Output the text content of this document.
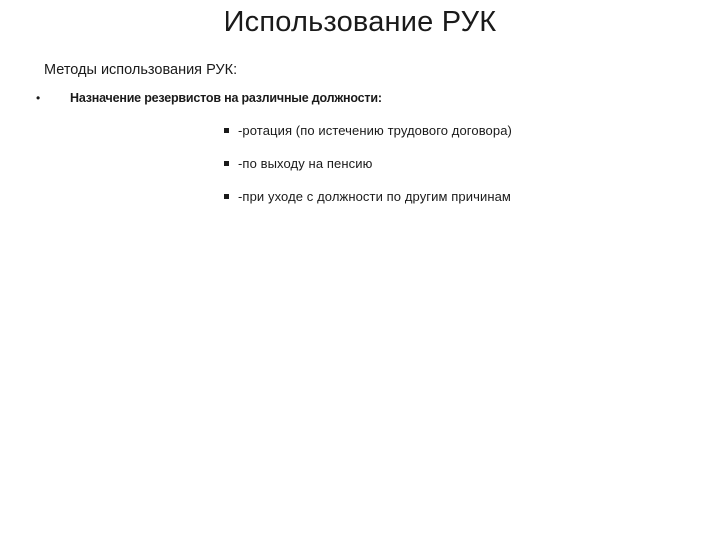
Использование РУК

Методы использования РУК:

•	Назначение резервистов на различные должности:
-ротация (по истечению трудового договора)
-по выходу на пенсию
-при уходе с должности по другим причинам
